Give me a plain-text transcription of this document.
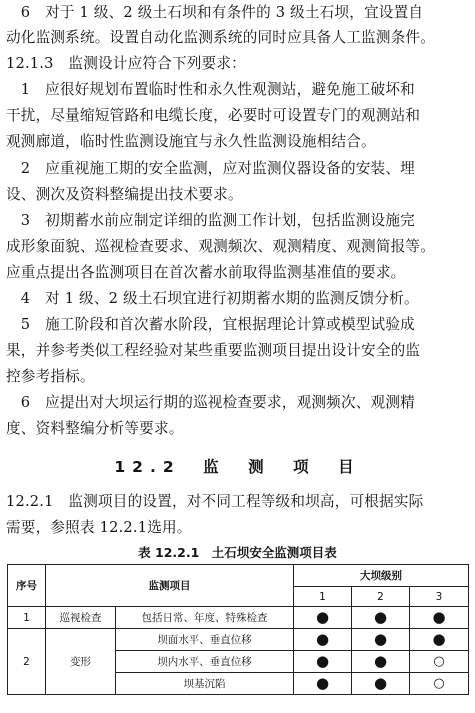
　6　对于 1 级、2 级土石坝和有条件的 3 级土石坝，宜设置自
动化监测系统。设置自动化监测系统的同时应具备人工监测条件。
12.1.3　监测设计应符合下列要求：
　1　应很好规划布置临时性和永久性观测站，避免施工破坏和
干扰，尽量缩短管路和电缆长度，必要时可设置专门的观测站和
观测廊道，临时性监测设施宜与永久性监测设施相结合。
　2　应重视施工期的安全监测，应对监测仪器设备的安装、埋
设、测次及资料整编提出技术要求。
　3　初期蓄水前应制定详细的监测工作计划，包括监测设施完
成形象面貌、巡视检查要求、观测频次、观测精度、观测简报等。
应重点提出各监测项目在首次蓄水前取得监测基准值的要求。
　4　对 1 级、2 级土石坝宜进行初期蓄水期的监测反馈分析。
　5　施工阶段和首次蓄水阶段，宜根据理论计算或模型试验成
果，并参考类似工程经验对某些重要监测项目提出设计安全的监
控参考指标。
　6　应提出对大坝运行期的巡视检查要求，观测频次、观测精
度、资料整编分析等要求。
12.2　监　测　项　目
12.2.1　监测项目的设置，对不同工程等级和坝高，可根据实际
需要，参照表 12.2.1选用。
表 12.2.1　土石坝安全监测项目表
序号	监测项目		大坝级别		
			1	2	3
1	巡视检查	包括日常、年度、特殊检查	●	●	●
2	变形	坝面水平、垂直位移	●	●	●
		坝内水平、垂直位移	●	●	○
		坝基沉陷	●	●	○
